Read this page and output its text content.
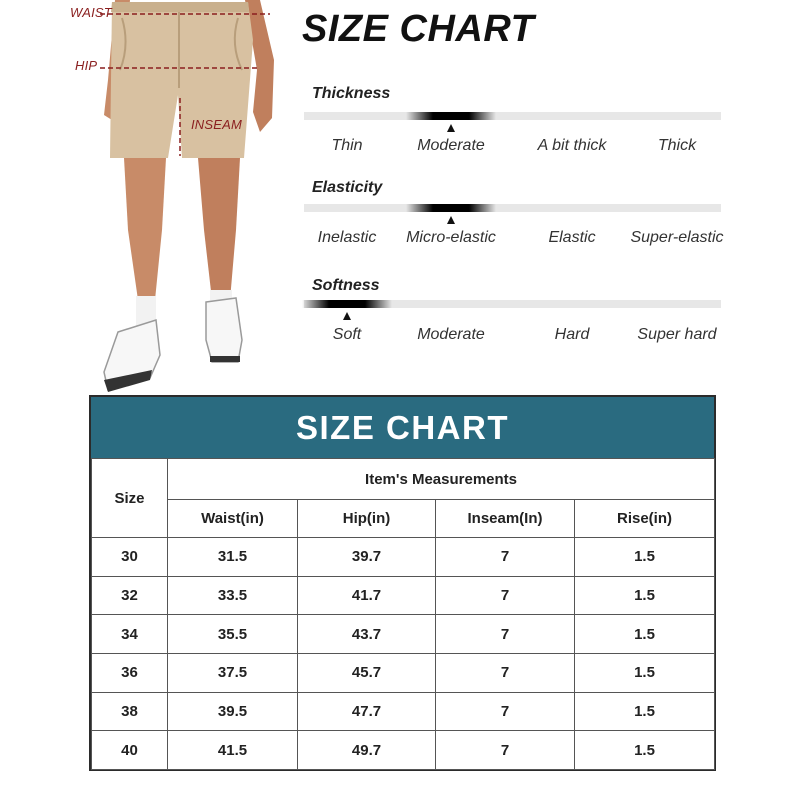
WAIST
HIP
INSEAM
SIZE CHART
Thickness
Thin	Moderate	A bit thick	Thick
Elasticity
Inelastic Micro-elastic	Elastic Super-elastic
Softness
Soft	Moderate	Hard	Super hard
SIZE CHART
Size	Item's Measurements			
	Waist(in)	Hip(in)	Inseam(In)	Rise(in)
30	31.5	39.7	7	1.5
32	33.5	41.7	7	1.5
34	35.5	43.7	7	1.5
36	37.5	45.7	7	1.5
38	39.5	47.7	7	1.5
40	41.5	49.7	7	1.5
